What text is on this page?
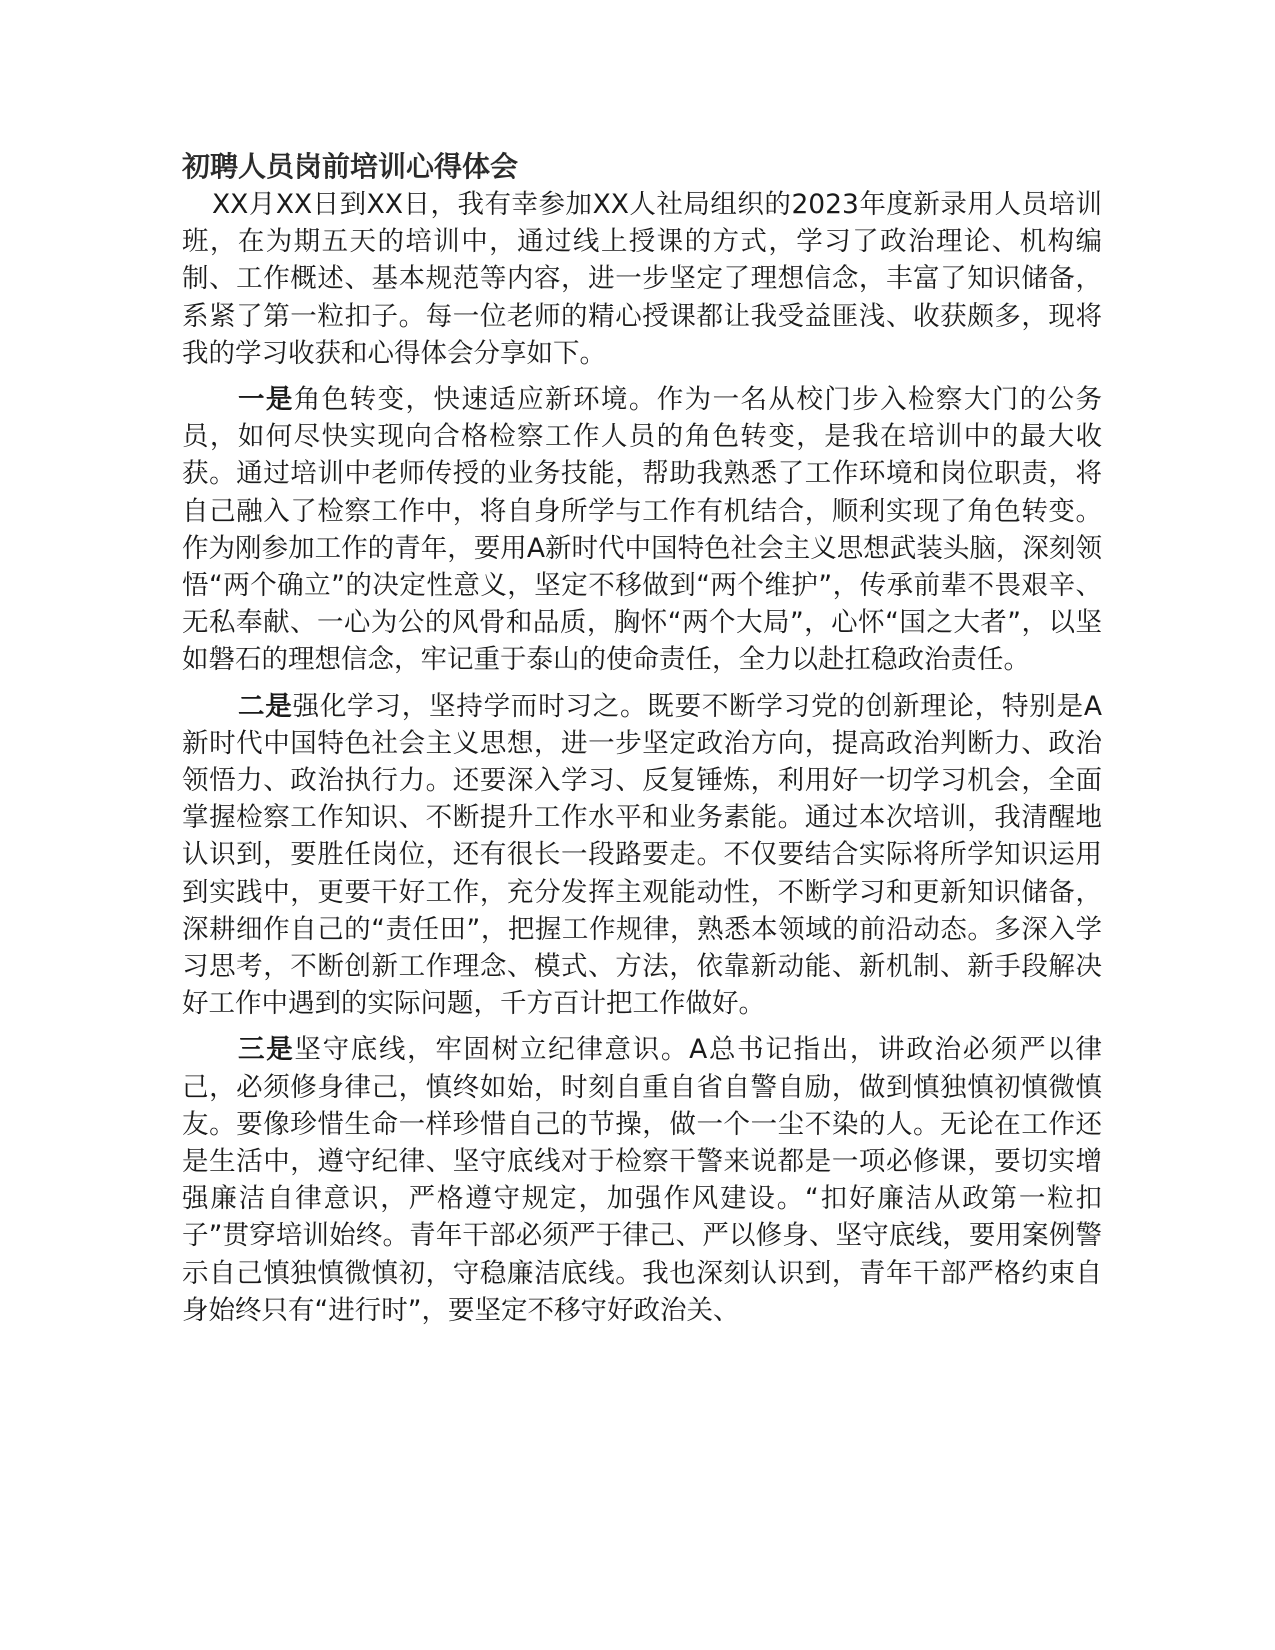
初聘人员岗前培训心得体会

XX月XX日到XX日，我有幸参加XX人社局组织的2023年度新录用人员培训班，在为期五天的培训中，通过线上授课的方式，学习了政治理论、机构编制、工作概述、基本规范等内容，进一步坚定了理想信念，丰富了知识储备，系紧了第一粒扣子。每一位老师的精心授课都让我受益匪浅、收获颇多，现将我的学习收获和心得体会分享如下。

一是角色转变，快速适应新环境。作为一名从校门步入检察大门的公务员，如何尽快实现向合格检察工作人员的角色转变，是我在培训中的最大收获。通过培训中老师传授的业务技能，帮助我熟悉了工作环境和岗位职责，将自己融入了检察工作中，将自身所学与工作有机结合，顺利实现了角色转变。作为刚参加工作的青年，要用A新时代中国特色社会主义思想武装头脑，深刻领悟“两个确立”的决定性意义，坚定不移做到“两个维护”，传承前辈不畏艰辛、无私奉献、一心为公的风骨和品质，胸怀“两个大局”，心怀“国之大者”，以坚如磐石的理想信念，牢记重于泰山的使命责任，全力以赴扛稳政治责任。

二是强化学习，坚持学而时习之。既要不断学习党的创新理论，特别是A新时代中国特色社会主义思想，进一步坚定政治方向，提高政治判断力、政治领悟力、政治执行力。还要深入学习、反复锤炼，利用好一切学习机会，全面掌握检察工作知识、不断提升工作水平和业务素能。通过本次培训，我清醒地认识到，要胜任岗位，还有很长一段路要走。不仅要结合实际将所学知识运用到实践中，更要干好工作，充分发挥主观能动性，不断学习和更新知识储备，深耕细作自己的“责任田”，把握工作规律，熟悉本领域的前沿动态。多深入学习思考，不断创新工作理念、模式、方法，依靠新动能、新机制、新手段解决好工作中遇到的实际问题，千方百计把工作做好。

三是坚守底线，牢固树立纪律意识。A总书记指出，讲政治必须严以律己，必须修身律己，慎终如始，时刻自重自省自警自励，做到慎独慎初慎微慎友。要像珍惜生命一样珍惜自己的节操，做一个一尘不染的人。无论在工作还是生活中，遵守纪律、坚守底线对于检察干警来说都是一项必修课，要切实增强廉洁自律意识，严格遵守规定，加强作风建设。“扣好廉洁从政第一粒扣子”贯穿培训始终。青年干部必须严于律己、严以修身、坚守底线，要用案例警示自己慎独慎微慎初，守稳廉洁底线。我也深刻认识到，青年干部严格约束自身始终只有“进行时”，要坚定不移守好政治关、
